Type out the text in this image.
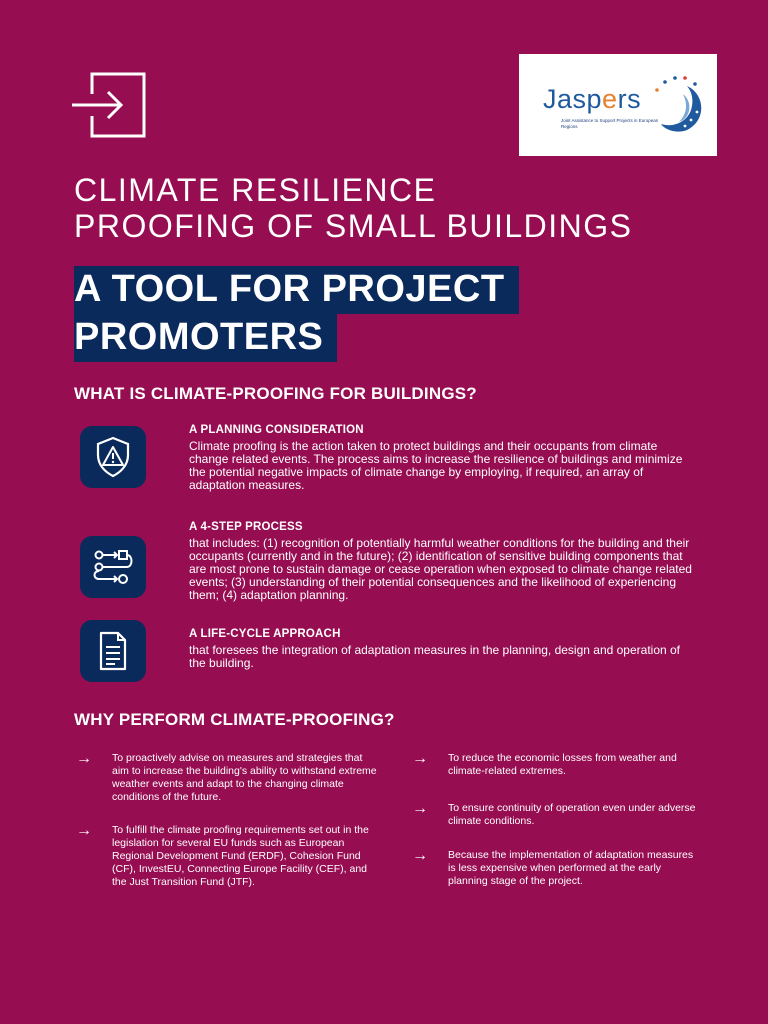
Jaspers
Joint Assistance to Support Projects in European Regions
CLIMATE RESILIENCE
PROOFING OF SMALL BUILDINGS
A TOOL FOR PROJECT
PROMOTERS
WHAT IS CLIMATE-PROOFING FOR BUILDINGS?

A PLANNING CONSIDERATION

Climate proofing is the action taken to protect buildings and their occupants from climate change related events. The process aims to increase the resilience of buildings and minimize the potential negative impacts of climate change by employing, if required, an array of adaptation measures.

A 4-STEP PROCESS

that includes: (1) recognition of potentially harmful weather conditions for the building and their occupants (currently and in the future); (2) identification of sensitive building components that are most prone to sustain damage or cease operation when exposed to climate change related events; (3) understanding of their potential consequences and the likelihood of experiencing them; (4) adaptation planning.

A LIFE-CYCLE APPROACH

that foresees the integration of adaptation measures in the planning, design and operation of the building.

WHY PERFORM CLIMATE-PROOFING?
→	To proactively advise on measures and strategies that aim to increase the building's ability to withstand extreme weather events and adapt to the changing climate conditions of the future.
→	To fulfill the climate proofing requirements set out in the legislation for several EU funds such as European Regional Development Fund (ERDF), Cohesion Fund (CF), InvestEU, Connecting Europe Facility (CEF), and the Just Transition Fund (JTF).
→	To reduce the economic losses from weather and climate-related extremes.
→	To ensure continuity of operation even under adverse climate conditions.
→	Because the implementation of adaptation measures is less expensive when performed at the early planning stage of the project.
